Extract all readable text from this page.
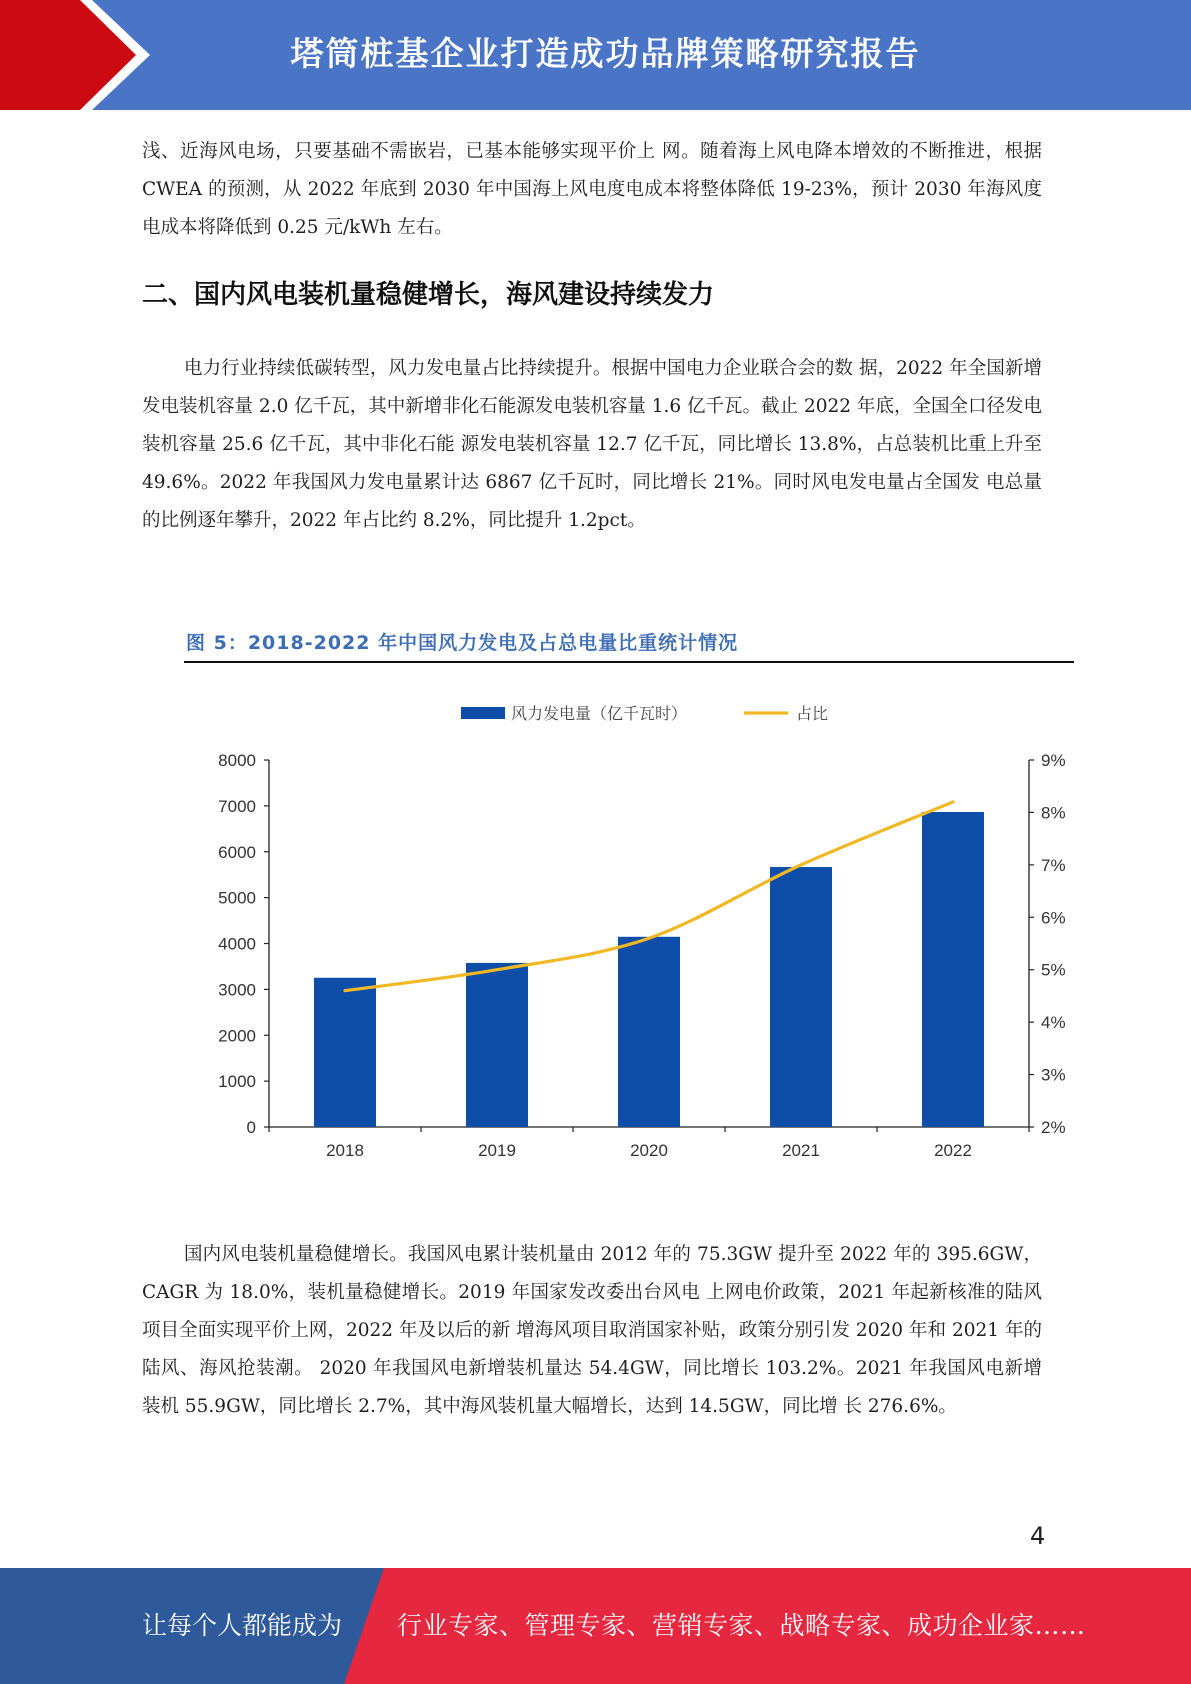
塔筒桩基企业打造成功品牌策略研究报告

浅、近海风电场，只要基础不需嵌岩，已基本能够实现平价上 网。随着海上风电降本增效的不断推进，根据 CWEA 的预测，从 2022 年底到 2030 年中国海上风电度电成本将整体降低 19-23%，预计 2030 年海风度电成本将降低到 0.25 元/kWh 左右。

二、国内风电装机量稳健增长，海风建设持续发力

电力行业持续低碳转型，风力发电量占比持续提升。根据中国电力企业联合会的数 据，2022 年全国新增发电装机容量 2.0 亿千瓦，其中新增非化石能源发电装机容量 1.6 亿千瓦。截止 2022 年底，全国全口径发电装机容量 25.6 亿千瓦，其中非化石能 源发电装机容量 12.7 亿千瓦，同比增长 13.8%，占总装机比重上升至 49.6%。2022 年我国风力发电量累计达 6867 亿千瓦时，同比增长 21%。同时风电发电量占全国发 电总量的比例逐年攀升，2022 年占比约 8.2%，同比提升 1.2pct。

图 5：2018-2022 年中国风力发电及占总电量比重统计情况
风力发电量（亿千瓦时）	占比
0
1000
2000
3000
4000
5000
6000
7000
8000
2%
3%
4%
5%
6%
7%
8%
9%
2018	2019	2020	2021	2022

国内风电装机量稳健增长。我国风电累计装机量由 2012 年的 75.3GW 提升至 2022 年的 395.6GW，CAGR 为 18.0%，装机量稳健增长。2019 年国家发改委出台风电 上网电价政策，2021 年起新核准的陆风项目全面实现平价上网，2022 年及以后的新 增海风项目取消国家补贴，政策分别引发 2020 年和 2021 年的陆风、海风抢装潮。 2020 年我国风电新增装机量达 54.4GW，同比增长 103.2%。2021 年我国风电新增 装机 55.9GW，同比增长 2.7%，其中海风装机量大幅增长，达到 14.5GW，同比增 长 276.6%。

4
让每个人都能成为 行业专家、管理专家、营销专家、战略专家、成功企业家……
